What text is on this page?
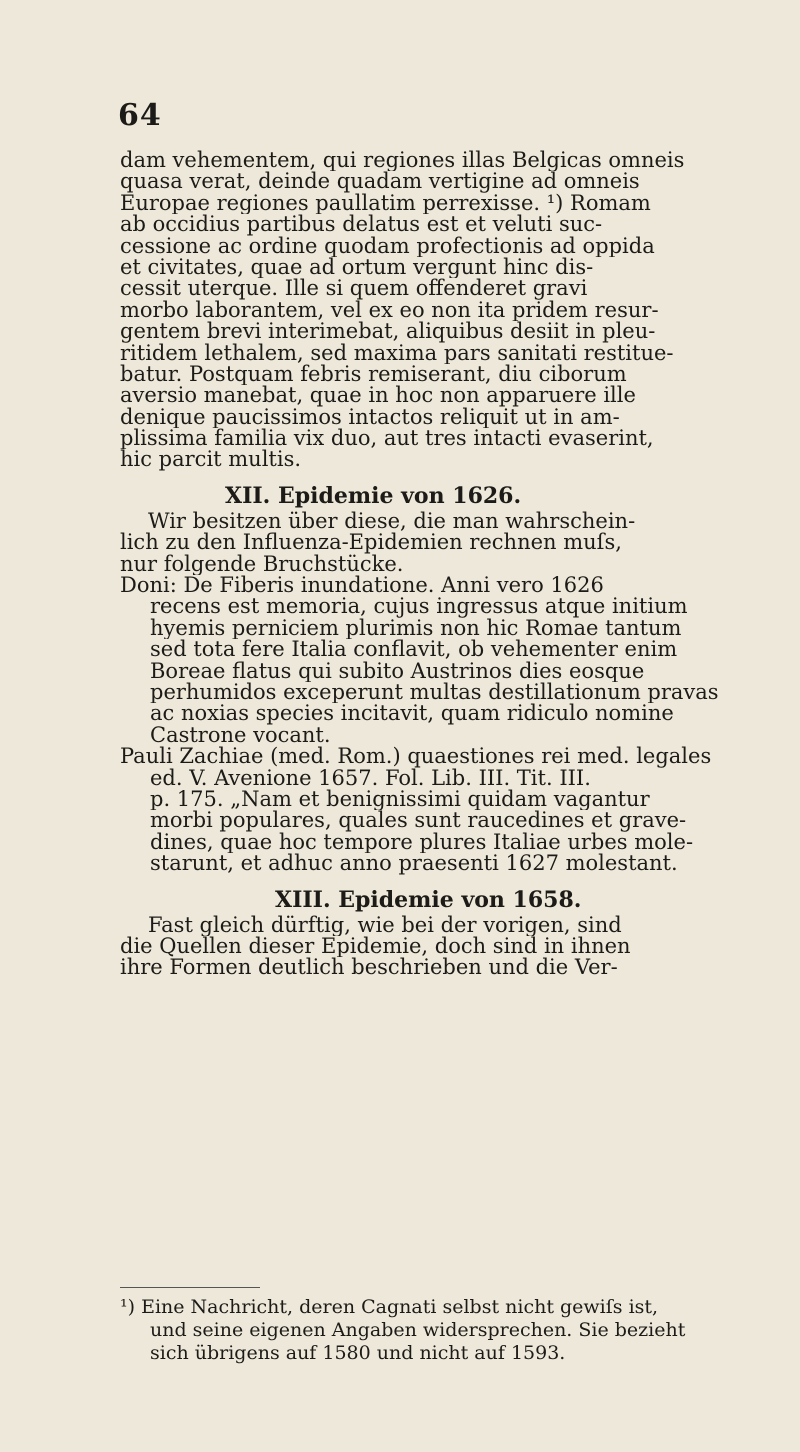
64
dam vehementem, qui regiones illas Belgicas omneis
quasa verat, deinde quadam vertigine ad omneis
Europae regiones paullatim perrexisse. ¹) Romam
ab occidius partibus delatus est et veluti suc-
cessione ac ordine quodam profectionis ad oppida
et civitates, quae ad ortum vergunt hinc dis-
cessit uterque. Ille si quem offenderet gravi
morbo laborantem, vel ex eo non ita pridem resur-
gentem brevi interimebat, aliquibus desiit in pleu-
ritidem lethalem, sed maxima pars sanitati restitue-
batur. Postquam febris remiserant, diu ciborum
aversio manebat, quae in hoc non apparuere ille
denique paucissimos intactos reliquit ut in am-
plissima familia vix duo, aut tres intacti evaserint,
hic parcit multis.
XII. Epidemie von 1626.
Wir besitzen über diese, die man wahrschein-
lich zu den Influenza-Epidemien rechnen muſs,
nur folgende Bruchstücke.
Doni: De Fiberis inundatione. Anni vero 1626
recens est memoria, cujus ingressus atque initium
hyemis perniciem plurimis non hic Romae tantum
sed tota fere Italia conflavit, ob vehementer enim
Boreae flatus qui subito Austrinos dies eosque
perhumidos exceperunt multas destillationum pravas
ac noxias species incitavit, quam ridiculo nomine
Castrone vocant.
Pauli Zachiae (med. Rom.) quaestiones rei med. legales
ed. V. Avenione 1657. Fol. Lib. III. Tit. III.
p. 175. „Nam et benignissimi quidam vagantur
morbi populares, quales sunt raucedines et grave-
dines, quae hoc tempore plures Italiae urbes mole-
starunt, et adhuc anno praesenti 1627 molestant.
XIII. Epidemie von 1658.
Fast gleich dürftig, wie bei der vorigen, sind
die Quellen dieser Epidemie, doch sind in ihnen
ihre Formen deutlich beschrieben und die Ver-
¹) Eine Nachricht, deren Cagnati selbst nicht gewiſs ist,
und seine eigenen Angaben widersprechen. Sie bezieht
sich übrigens auf 1580 und nicht auf 1593.
